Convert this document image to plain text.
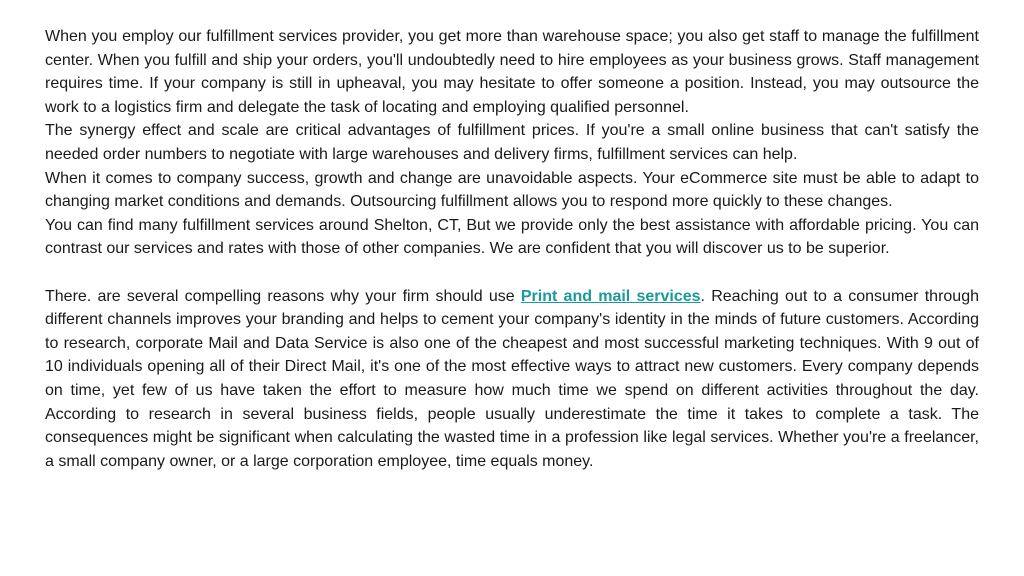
When you employ our fulfillment services provider, you get more than warehouse space; you also get staff to manage the fulfillment center. When you fulfill and ship your orders, you'll undoubtedly need to hire employees as your business grows. Staff management requires time. If your company is still in upheaval, you may hesitate to offer someone a position. Instead, you may outsource the work to a logistics firm and delegate the task of locating and employing qualified personnel.

The synergy effect and scale are critical advantages of fulfillment prices. If you're a small online business that can't satisfy the needed order numbers to negotiate with large warehouses and delivery firms, fulfillment services can help.

When it comes to company success, growth and change are unavoidable aspects. Your eCommerce site must be able to adapt to changing market conditions and demands. Outsourcing fulfillment allows you to respond more quickly to these changes.

You can find many fulfillment services around Shelton, CT, But we provide only the best assistance with affordable pricing. You can contrast our services and rates with those of other companies. We are confident that you will discover us to be superior.

There. are several compelling reasons why your firm should use Print and mail services. Reaching out to a consumer through different channels improves your branding and helps to cement your company's identity in the minds of future customers. According to research, corporate Mail and Data Service is also one of the cheapest and most successful marketing techniques. With 9 out of 10 individuals opening all of their Direct Mail, it's one of the most effective ways to attract new customers. Every company depends on time, yet few of us have taken the effort to measure how much time we spend on different activities throughout the day. According to research in several business fields, people usually underestimate the time it takes to complete a task. The consequences might be significant when calculating the wasted time in a profession like legal services. Whether you're a freelancer, a small company owner, or a large corporation employee, time equals money.
